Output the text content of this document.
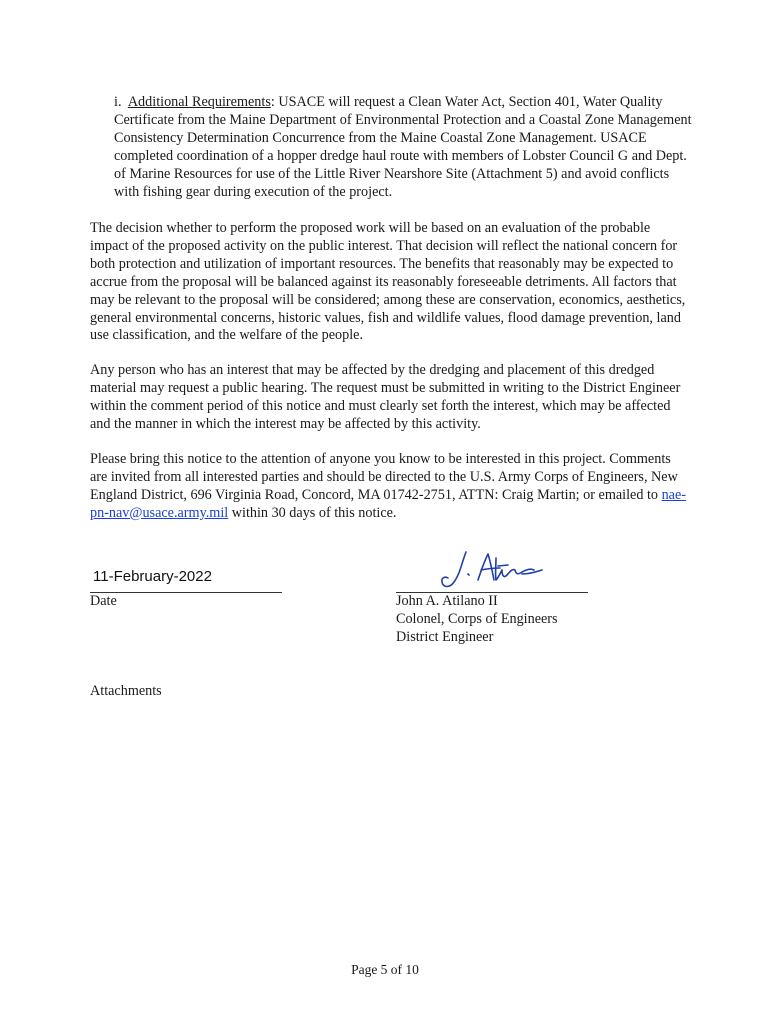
i. Additional Requirements: USACE will request a Clean Water Act, Section 401, Water Quality Certificate from the Maine Department of Environmental Protection and a Coastal Zone Management Consistency Determination Concurrence from the Maine Coastal Zone Management. USACE completed coordination of a hopper dredge haul route with members of Lobster Council G and Dept. of Marine Resources for use of the Little River Nearshore Site (Attachment 5) and avoid conflicts with fishing gear during execution of the project.

The decision whether to perform the proposed work will be based on an evaluation of the probable impact of the proposed activity on the public interest. That decision will reflect the national concern for both protection and utilization of important resources. The benefits that reasonably may be expected to accrue from the proposal will be balanced against its reasonably foreseeable detriments. All factors that may be relevant to the proposal will be considered; among these are conservation, economics, aesthetics, general environmental concerns, historic values, fish and wildlife values, flood damage prevention, land use classification, and the welfare of the people.

Any person who has an interest that may be affected by the dredging and placement of this dredged material may request a public hearing. The request must be submitted in writing to the District Engineer within the comment period of this notice and must clearly set forth the interest, which may be affected and the manner in which the interest may be affected by this activity.

Please bring this notice to the attention of anyone you know to be interested in this project. Comments are invited from all interested parties and should be directed to the U.S. Army Corps of Engineers, New England District, 696 Virginia Road, Concord, MA 01742-2751, ATTN: Craig Martin; or emailed to nae-pn-nav@usace.army.mil within 30 days of this notice.

11-February-2022

Date	John A. Atilano II

Colonel, Corps of Engineers

District Engineer

Attachments

Page 5 of 10
